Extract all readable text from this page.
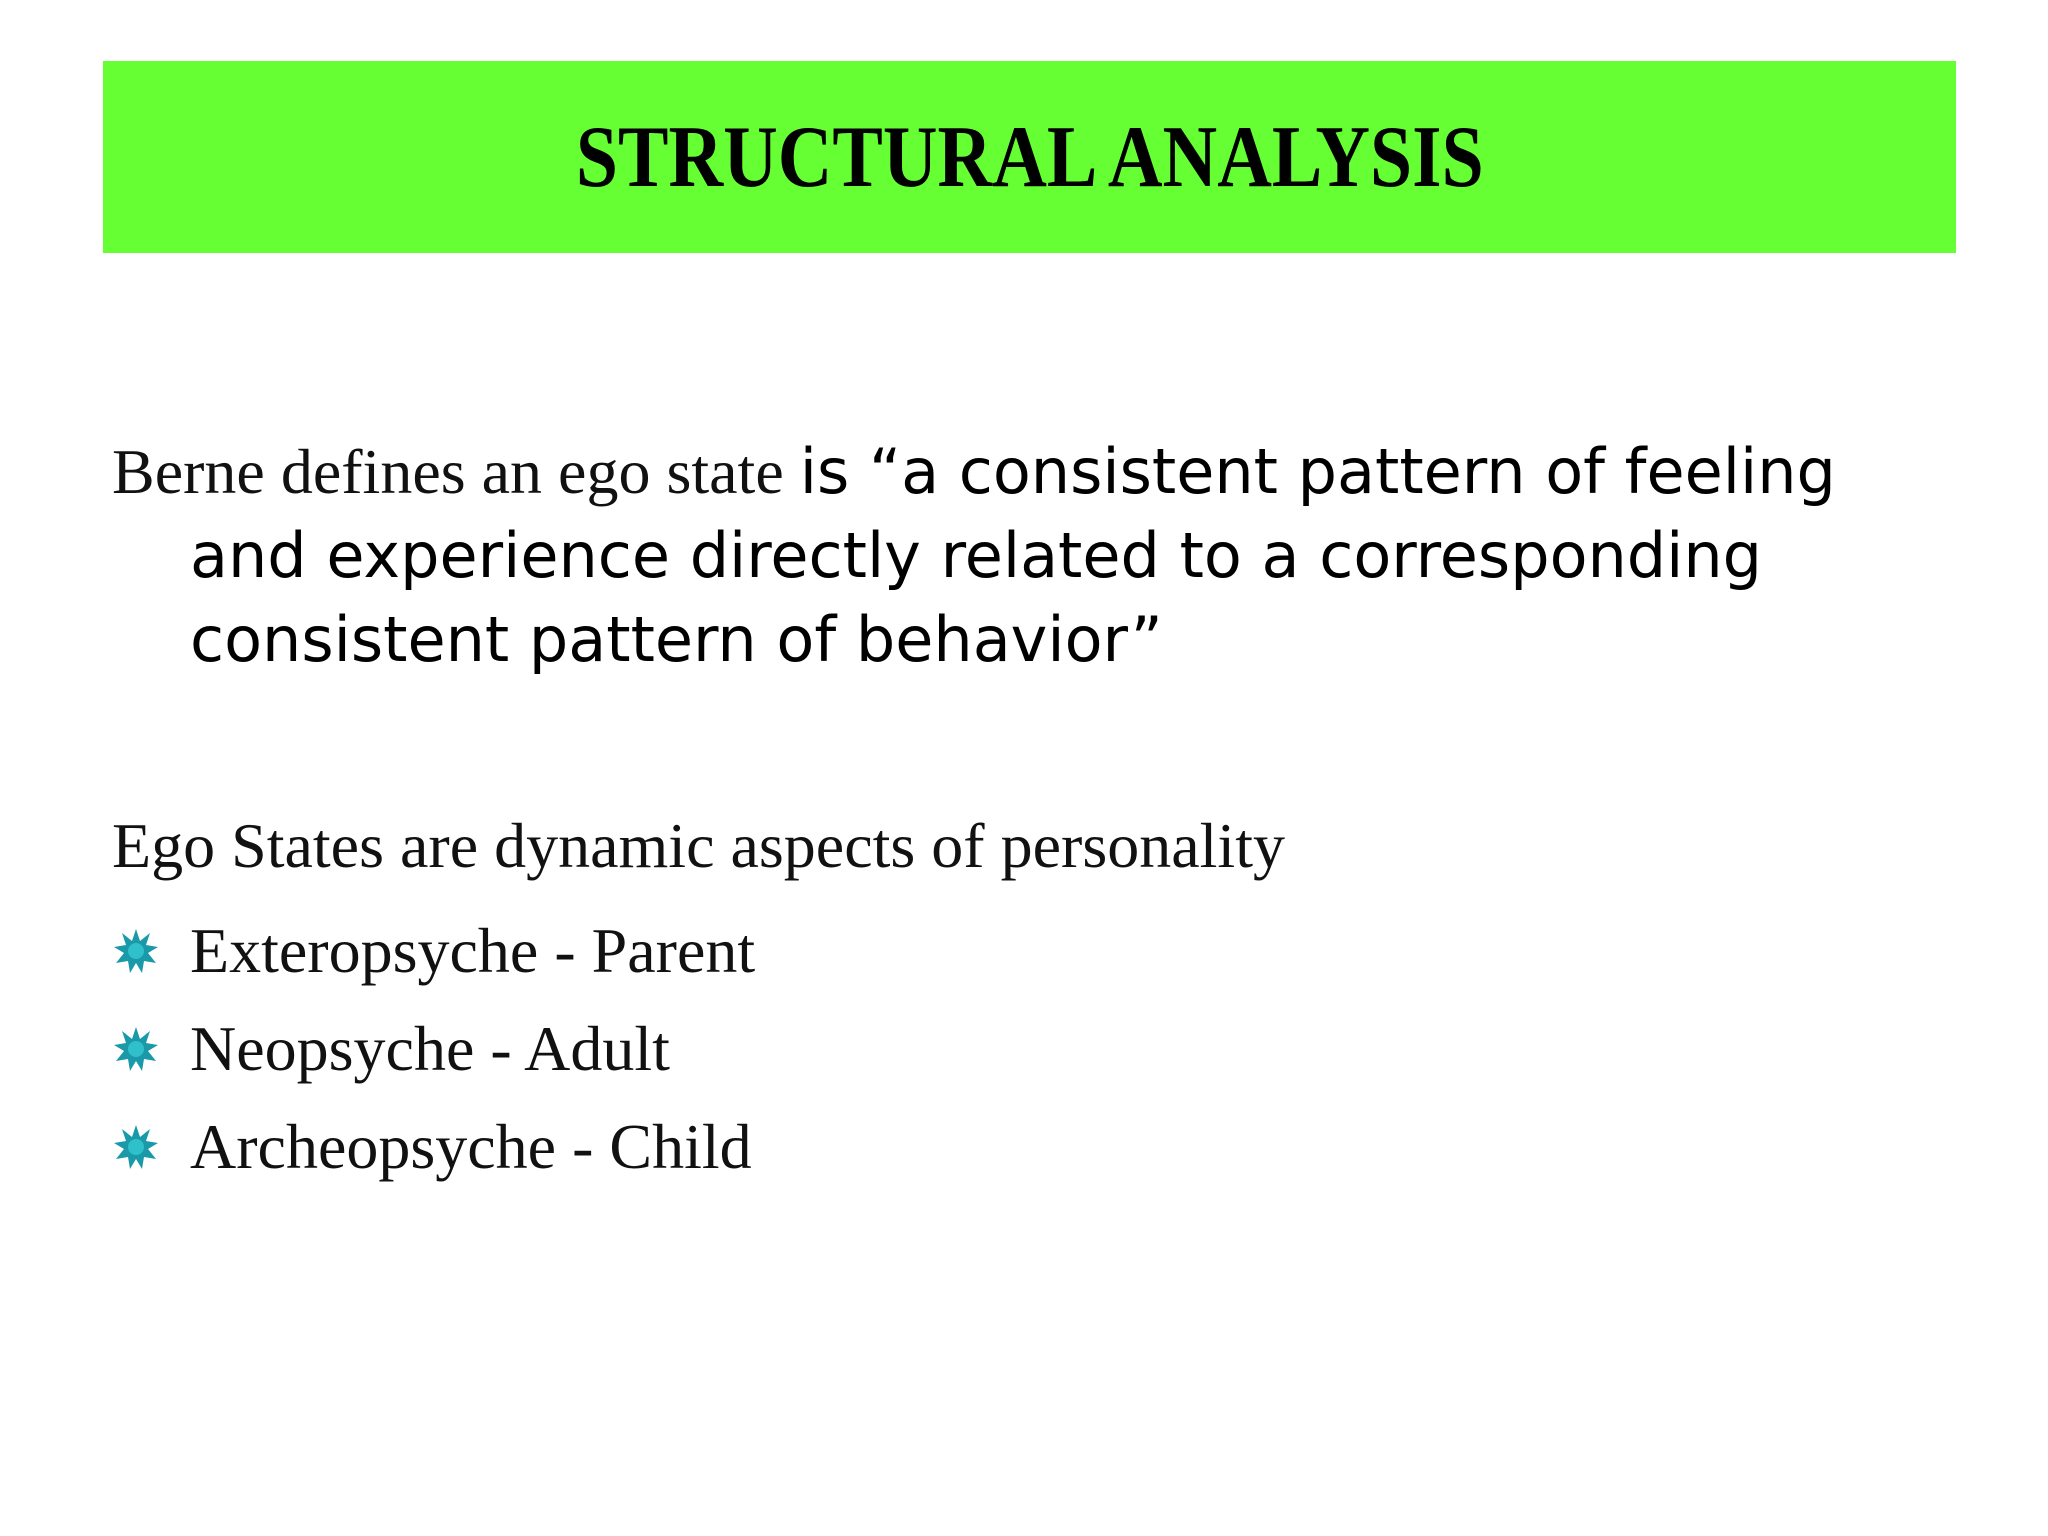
STRUCTURAL ANALYSIS

Berne defines an ego state is “a consistent pattern of feeling and experience directly related to a corresponding consistent pattern of behavior”

Ego States are dynamic aspects of personality

Exteropsyche - Parent
Neopsyche - Adult
Archeopsyche - Child
